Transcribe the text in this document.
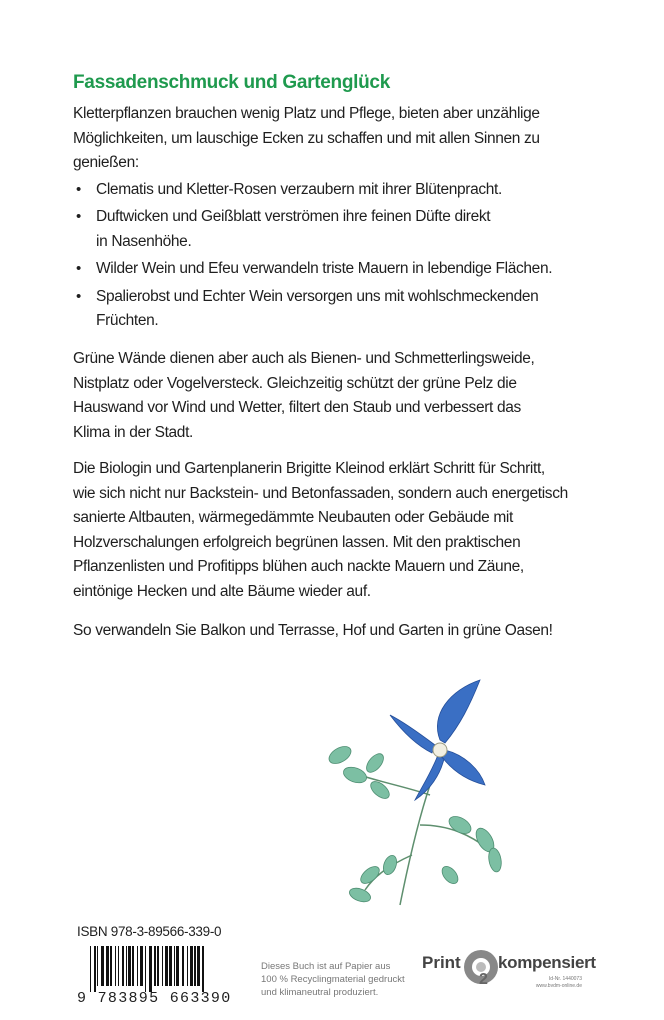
Fassadenschmuck und Gartenglück
Kletterpflanzen brauchen wenig Platz und Pflege, bieten aber unzählige
Möglichkeiten, um lauschige Ecken zu schaffen und mit allen Sinnen zu
genießen:
• Clematis und Kletter-Rosen verzaubern mit ihrer Blütenpracht.
• Duftwicken und Geißblatt verströmen ihre feinen Düfte direkt
in Nasenhöhe.
• Wilder Wein und Efeu verwandeln triste Mauern in lebendige Flächen.
• Spalierobst und Echter Wein versorgen uns mit wohlschmeckenden
Früchten.
Grüne Wände dienen aber auch als Bienen- und Schmetterlingsweide,
Nistplatz oder Vogelversteck. Gleichzeitig schützt der grüne Pelz die
Hauswand vor Wind und Wetter, filtert den Staub und verbessert das
Klima in der Stadt.
Die Biologin und Gartenplanerin Brigitte Kleinod erklärt Schritt für Schritt,
wie sich nicht nur Backstein- und Betonfassaden, sondern auch energetisch
sanierte Altbauten, wärmegedämmte Neubauten oder Gebäude mit
Holzverschalungen erfolgreich begrünen lassen. Mit den praktischen
Pflanzenlisten und Profitipps blühen auch nackte Mauern und Zäune,
eintönige Hecken und alte Bäume wieder auf.
So verwandeln Sie Balkon und Terrasse, Hof und Garten in grüne Oasen!
ISBN 978-3-89566-339-0
9 783895 663390
Dieses Buch ist auf Papier aus
100 % Recyclingmaterial gedruckt
und klimaneutral produziert.
Print
2
kompensiert
Id-Nr. 1440073
www.bvdm-online.de
